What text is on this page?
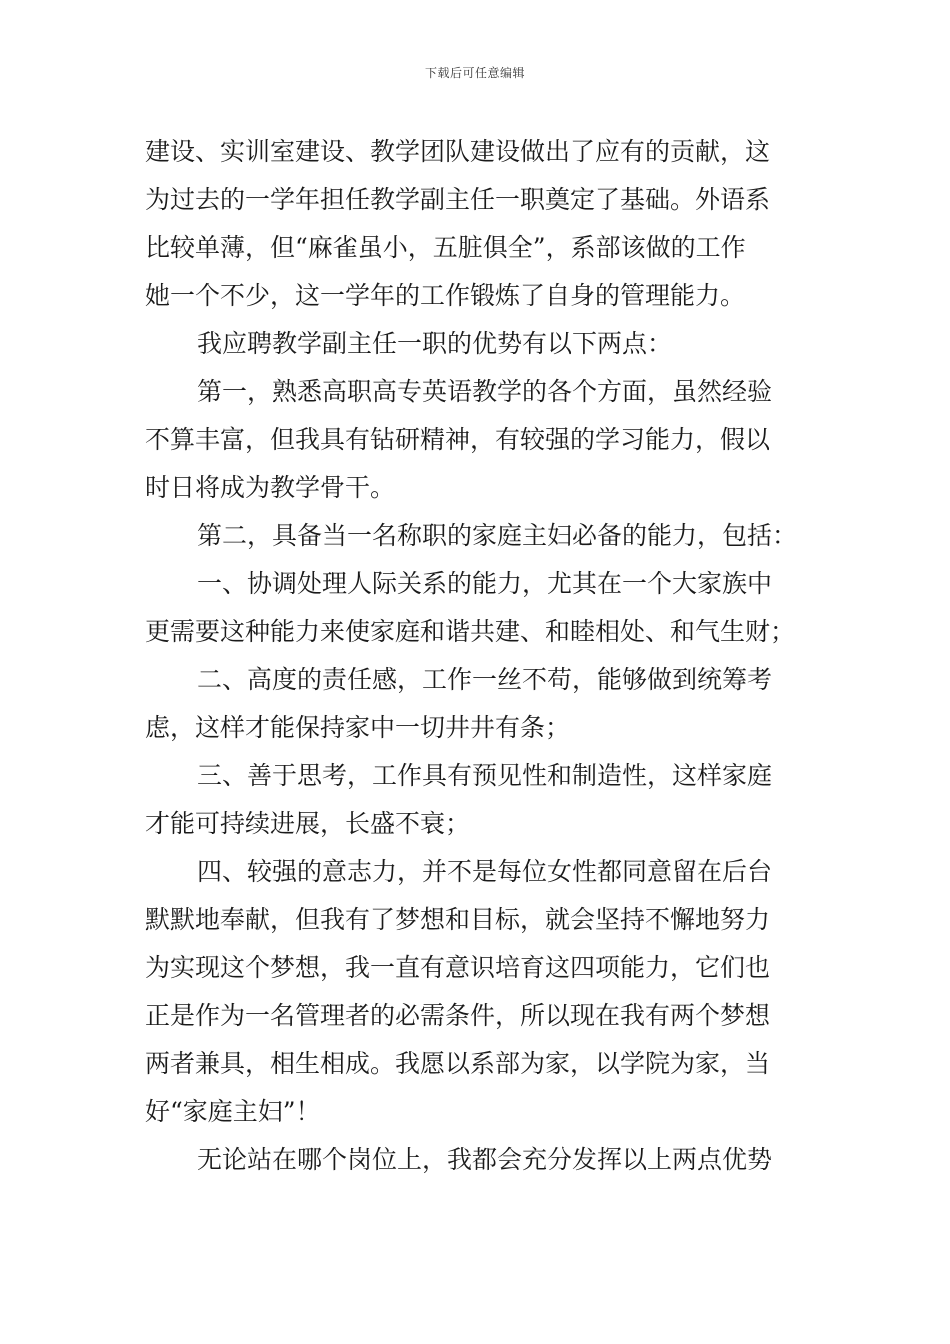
下载后可任意编辑
建设、实训室建设、教学团队建设做出了应有的贡献，这
为过去的一学年担任教学副主任一职奠定了基础。外语系
比较单薄，但“麻雀虽小，五脏俱全”，系部该做的工作
她一个不少，这一学年的工作锻炼了自身的管理能力。
我应聘教学副主任一职的优势有以下两点：
第一，熟悉高职高专英语教学的各个方面，虽然经验
不算丰富，但我具有钻研精神，有较强的学习能力，假以
时日将成为教学骨干。
第二，具备当一名称职的家庭主妇必备的能力，包括：
一、协调处理人际关系的能力，尤其在一个大家族中
更需要这种能力来使家庭和谐共建、和睦相处、和气生财；
二、高度的责任感，工作一丝不苟，能够做到统筹考
虑，这样才能保持家中一切井井有条；
三、善于思考，工作具有预见性和制造性，这样家庭
才能可持续进展，长盛不衰；
四、较强的意志力，并不是每位女性都同意留在后台
默默地奉献，但我有了梦想和目标，就会坚持不懈地努力
为实现这个梦想，我一直有意识培育这四项能力，它们也
正是作为一名管理者的必需条件，所以现在我有两个梦想
两者兼具，相生相成。我愿以系部为家，以学院为家，当
好“家庭主妇”！
无论站在哪个岗位上，我都会充分发挥以上两点优势
